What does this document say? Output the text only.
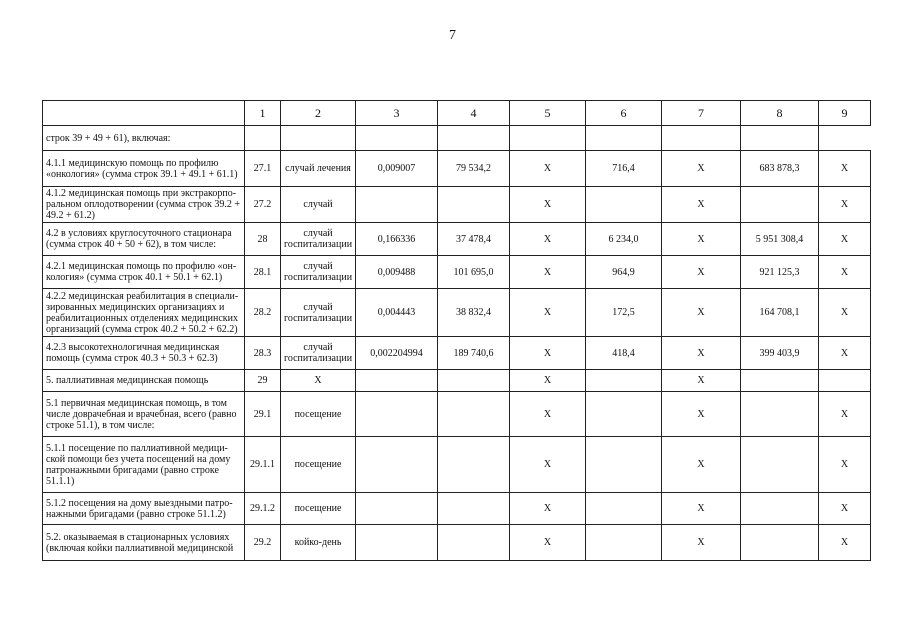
7
	1	2	3	4	5	6	7	8	9
строк 39 + 49 + 61), включая:									
4.1.1 медицинскую помощь по профилю «онкология» (сумма строк 39.1 + 49.1 + 61.1)	27.1	случай лечения	0,009007	79 534,2	Х	716,4	Х	683 878,3	Х
4.1.2 медицинская помощь при экстракорпо-ральном оплодотворении (сумма строк 39.2 + 49.2 + 61.2)	27.2	случай			Х		Х		Х
4.2 в условиях круглосуточного стационара (сумма строк 40 + 50 + 62), в том числе:	28	случай госпитализации	0,166336	37 478,4	Х	6 234,0	Х	5 951 308,4	Х
4.2.1 медицинская помощь по профилю «он-кология» (сумма строк 40.1 + 50.1 + 62.1)	28.1	случай госпитализации	0,009488	101 695,0	Х	964,9	Х	921 125,3	Х
4.2.2 медицинская реабилитация в специали-зированных медицинских организациях и реабилитационных отделениях медицинских организаций (сумма строк 40.2 + 50.2 + 62.2)	28.2	случай госпитализации	0,004443	38 832,4	Х	172,5	Х	164 708,1	Х
4.2.3 высокотехнологичная медицинская помощь (сумма строк 40.3 + 50.3 + 62.3)	28.3	случай госпитализации	0,002204994	189 740,6	Х	418,4	Х	399 403,9	Х
5. паллиативная медицинская помощь	29	Х			Х		Х		
5.1 первичная медицинская помощь, в том числе доврачебная и врачебная, всего (равно строке 51.1), в том числе:	29.1	посещение			Х		Х		Х
5.1.1 посещение по паллиативной медици-ской помощи без учета посещений на дому патронажными бригадами (равно строке 51.1.1)	29.1.1	посещение			Х		Х		Х
5.1.2 посещения на дому выездными патро-нажными бригадами (равно строке 51.1.2)	29.1.2	посещение			Х		Х		Х
5.2. оказываемая в стационарных условиях (включая койки паллиативной медицинской	29.2	койко-день			Х		Х		Х
